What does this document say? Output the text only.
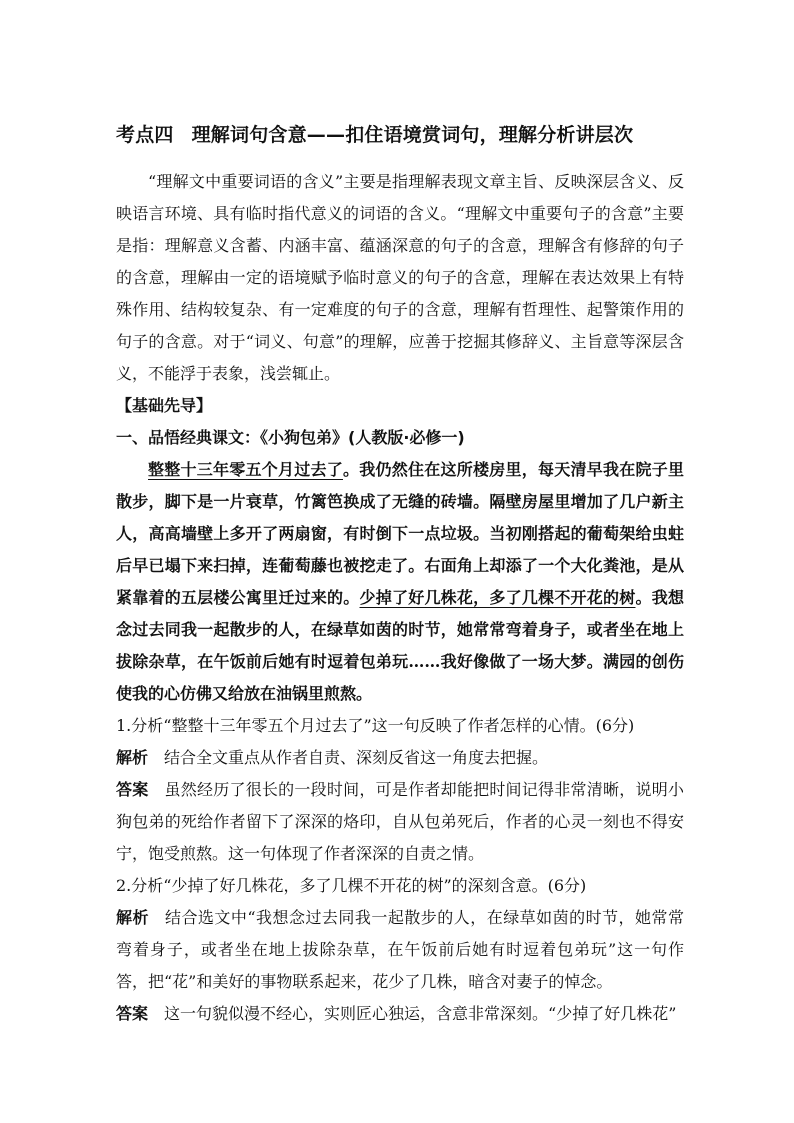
考点四 理解词句含意——扣住语境赏词句，理解分析讲层次

“理解文中重要词语的含义”主要是指理解表现文章主旨、反映深层含义、反映语言环境、具有临时指代意义的词语的含义。“理解文中重要句子的含意”主要是指：理解意义含蓄、内涵丰富、蕴涵深意的句子的含意，理解含有修辞的句子的含意，理解由一定的语境赋予临时意义的句子的含意，理解在表达效果上有特殊作用、结构较复杂、有一定难度的句子的含意，理解有哲理性、起警策作用的句子的含意。对于“词义、句意”的理解，应善于挖掘其修辞义、主旨意等深层含义，不能浮于表象，浅尝辄止。

【基础先导】

一、品悟经典课文：《小狗包弟》(人教版·必修一)

整整十三年零五个月过去了。我仍然住在这所楼房里，每天清早我在院子里散步，脚下是一片衰草，竹篱笆换成了无缝的砖墙。隔壁房屋里增加了几户新主人，高高墙壁上多开了两扇窗，有时倒下一点垃圾。当初刚搭起的葡萄架给虫蛀后早已塌下来扫掉，连葡萄藤也被挖走了。右面角上却添了一个大化粪池，是从紧靠着的五层楼公寓里迁过来的。少掉了好几株花，多了几棵不开花的树。我想念过去同我一起散步的人，在绿草如茵的时节，她常常弯着身子，或者坐在地上拔除杂草，在午饭前后她有时逗着包弟玩……我好像做了一场大梦。满园的创伤使我的心仿佛又给放在油锅里煎熬。

1.分析“整整十三年零五个月过去了”这一句反映了作者怎样的心情。(6分)

解析 结合全文重点从作者自责、深刻反省这一角度去把握。

答案 虽然经历了很长的一段时间，可是作者却能把时间记得非常清晰，说明小狗包弟的死给作者留下了深深的烙印，自从包弟死后，作者的心灵一刻也不得安宁，饱受煎熬。这一句体现了作者深深的自责之情。

2.分析“少掉了好几株花，多了几棵不开花的树”的深刻含意。(6分)

解析 结合选文中“我想念过去同我一起散步的人，在绿草如茵的时节，她常常弯着身子，或者坐在地上拔除杂草，在午饭前后她有时逗着包弟玩”这一句作答，把“花”和美好的事物联系起来，花少了几株，暗含对妻子的悼念。

答案 这一句貌似漫不经心，实则匠心独运，含意非常深刻。“少掉了好几株花”
